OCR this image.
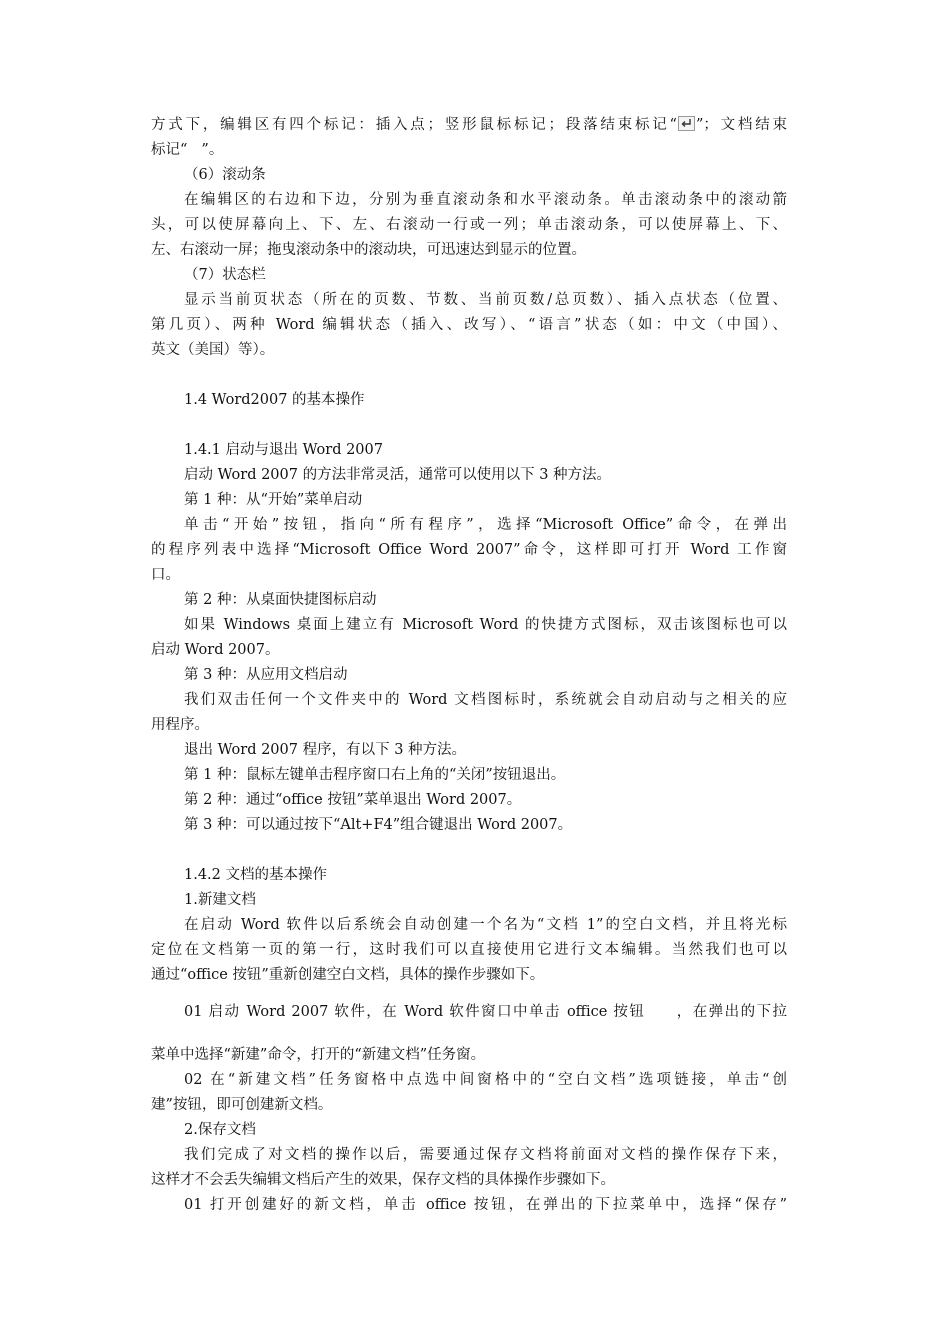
方式下，编辑区有四个标记：插入点；竖形鼠标标记；段落结束标记“ ”；文档结束
标记“ ”。
（6）滚动条
在编辑区的右边和下边，分别为垂直滚动条和水平滚动条。单击滚动条中的滚动箭
头，可以使屏幕向上、下、左、右滚动一行或一列；单击滚动条，可以使屏幕上、下、
左、右滚动一屏；拖曳滚动条中的滚动块，可迅速达到显示的位置。
（7）状态栏
显示当前页状态（所在的页数、节数、当前页数/总页数）、插入点状态（位置、
第几页）、两种 Word 编辑状态（插入、改写）、“语言”状态（如：中文（中国）、
英文（美国）等）。
1.4 Word2007 的基本操作
1.4.1 启动与退出 Word 2007
启动 Word 2007 的方法非常灵活，通常可以使用以下 3 种方法。
第 1 种：从“开始”菜单启动
单击“开始”按钮，指向“所有程序”，选择“Microsoft Office”命令，在弹出
的程序列表中选择“Microsoft Office Word 2007”命令，这样即可打开 Word 工作窗
口。
第 2 种：从桌面快捷图标启动
如果 Windows 桌面上建立有 Microsoft Word 的快捷方式图标，双击该图标也可以
启动 Word 2007。
第 3 种：从应用文档启动
我们双击任何一个文件夹中的 Word 文档图标时，系统就会自动启动与之相关的应
用程序。
退出 Word 2007 程序，有以下 3 种方法。
第 1 种：鼠标左键单击程序窗口右上角的“关闭”按钮退出。
第 2 种：通过“office 按钮”菜单退出 Word 2007。
第 3 种：可以通过按下“Alt+F4”组合键退出 Word 2007。
1.4.2 文档的基本操作
1.新建文档
在启动 Word 软件以后系统会自动创建一个名为“文档 1”的空白文档，并且将光标
定位在文档第一页的第一行，这时我们可以直接使用它进行文本编辑。当然我们也可以
通过“office 按钮”重新创建空白文档，具体的操作步骤如下。
01 启动 Word 2007 软件，在 Word 软件窗口中单击 office 按钮 ，在弹出的下拉
菜单中选择“新建”命令，打开的“新建文档”任务窗。
02 在“新建文档”任务窗格中点选中间窗格中的“空白文档”选项链接，单击“创
建”按钮，即可创建新文档。
2.保存文档
我们完成了对文档的操作以后，需要通过保存文档将前面对文档的操作保存下来，
这样才不会丢失编辑文档后产生的效果，保存文档的具体操作步骤如下。
01 打开创建好的新文档，单击 office 按钮，在弹出的下拉菜单中，选择“保存”
